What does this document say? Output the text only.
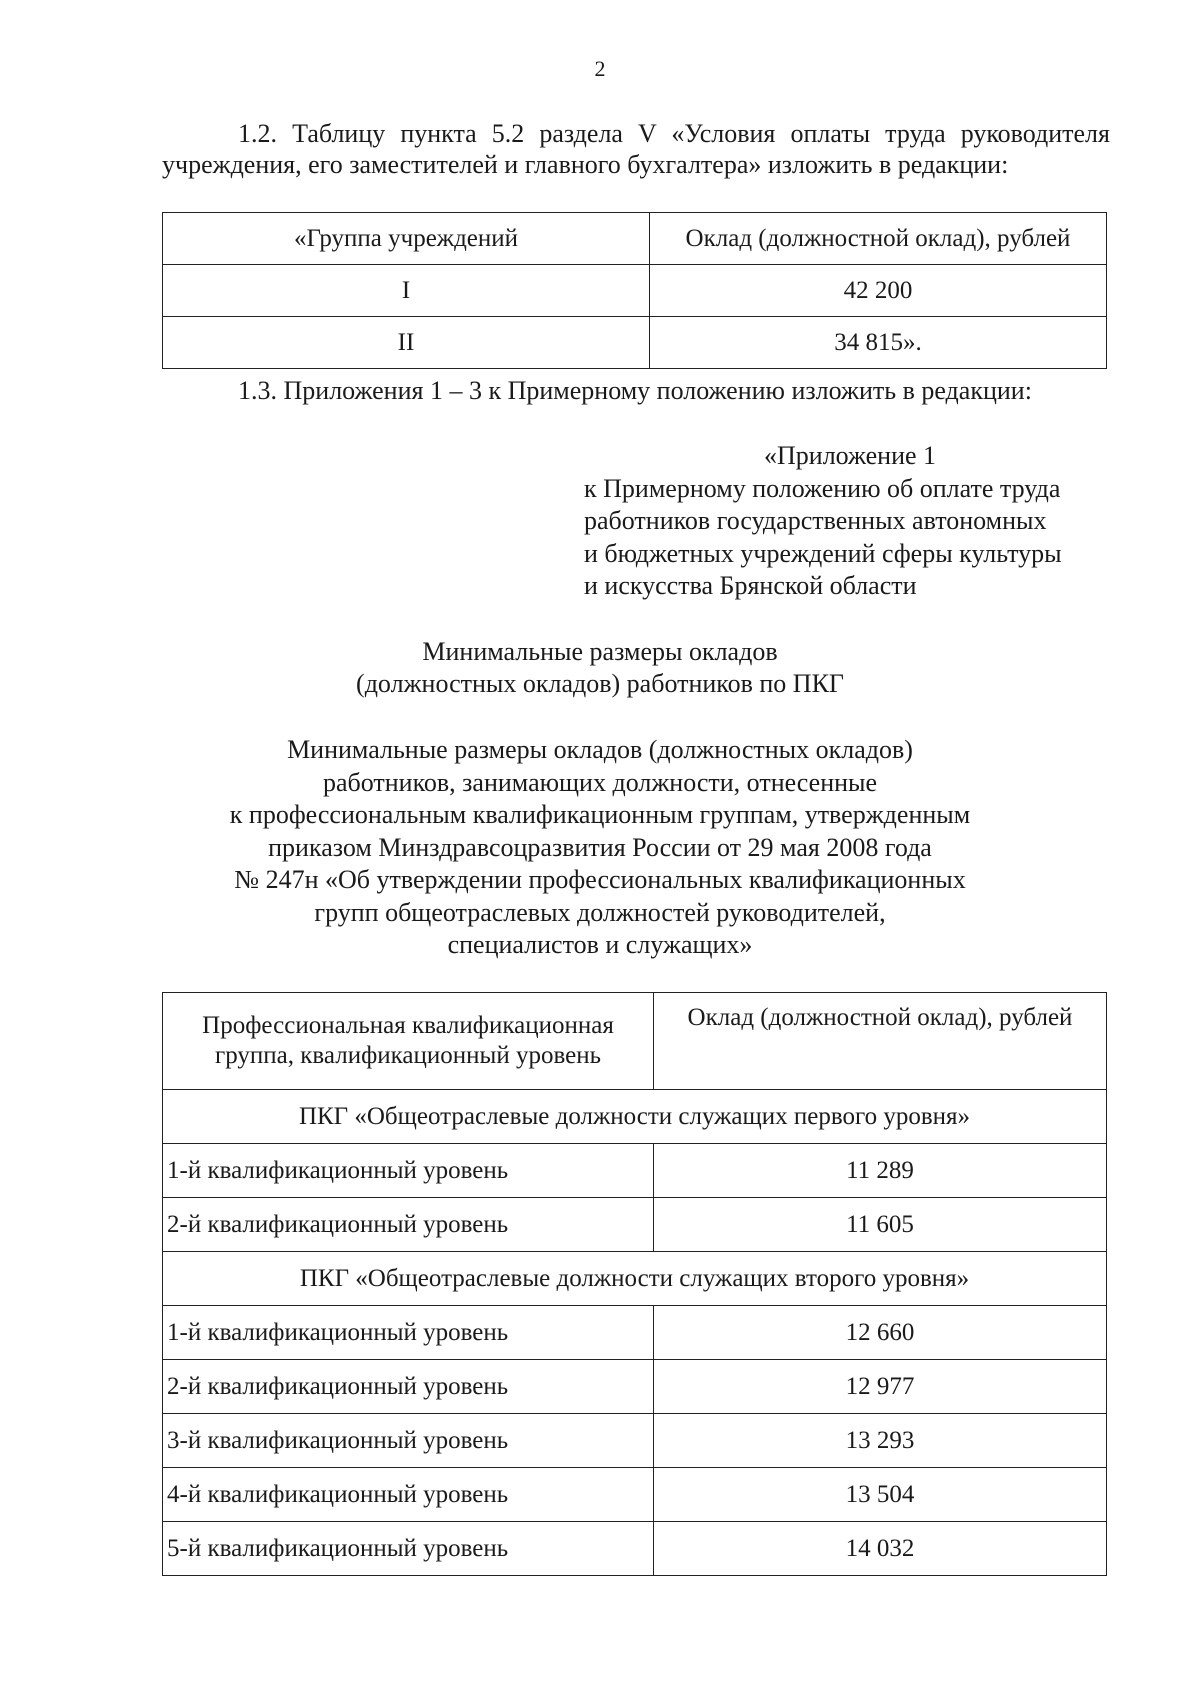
2

1.2. Таблицу пункта 5.2 раздела V «Условия оплаты труда руководителя учреждения, его заместителей и главного бухгалтера» изложить в редакции:

«Группа учреждений	Оклад (должностной оклад), рублей
I	42 200
II	34 815».

1.3. Приложения 1 – 3 к Примерному положению изложить в редакции:

«Приложение 1
к Примерному положению об оплате труда
работников государственных автономных
и бюджетных учреждений сферы культуры
и искусства Брянской области
Минимальные размеры окладов
(должностных окладов) работников по ПКГ
Минимальные размеры окладов (должностных окладов)
работников, занимающих должности, отнесенные
к профессиональным квалификационным группам, утвержденным
приказом Минздравсоцразвития России от 29 мая 2008 года
№ 247н «Об утверждении профессиональных квалификационных
групп общеотраслевых должностей руководителей,
специалистов и служащих»
Профессиональная квалификационная
группа, квалификационный уровень	Оклад (должностной оклад), рублей
ПКГ «Общеотраслевые должности служащих первого уровня»	
1-й квалификационный уровень	11 289
2-й квалификационный уровень	11 605
ПКГ «Общеотраслевые должности служащих второго уровня»	
1-й квалификационный уровень	12 660
2-й квалификационный уровень	12 977
3-й квалификационный уровень	13 293
4-й квалификационный уровень	13 504
5-й квалификационный уровень	14 032
